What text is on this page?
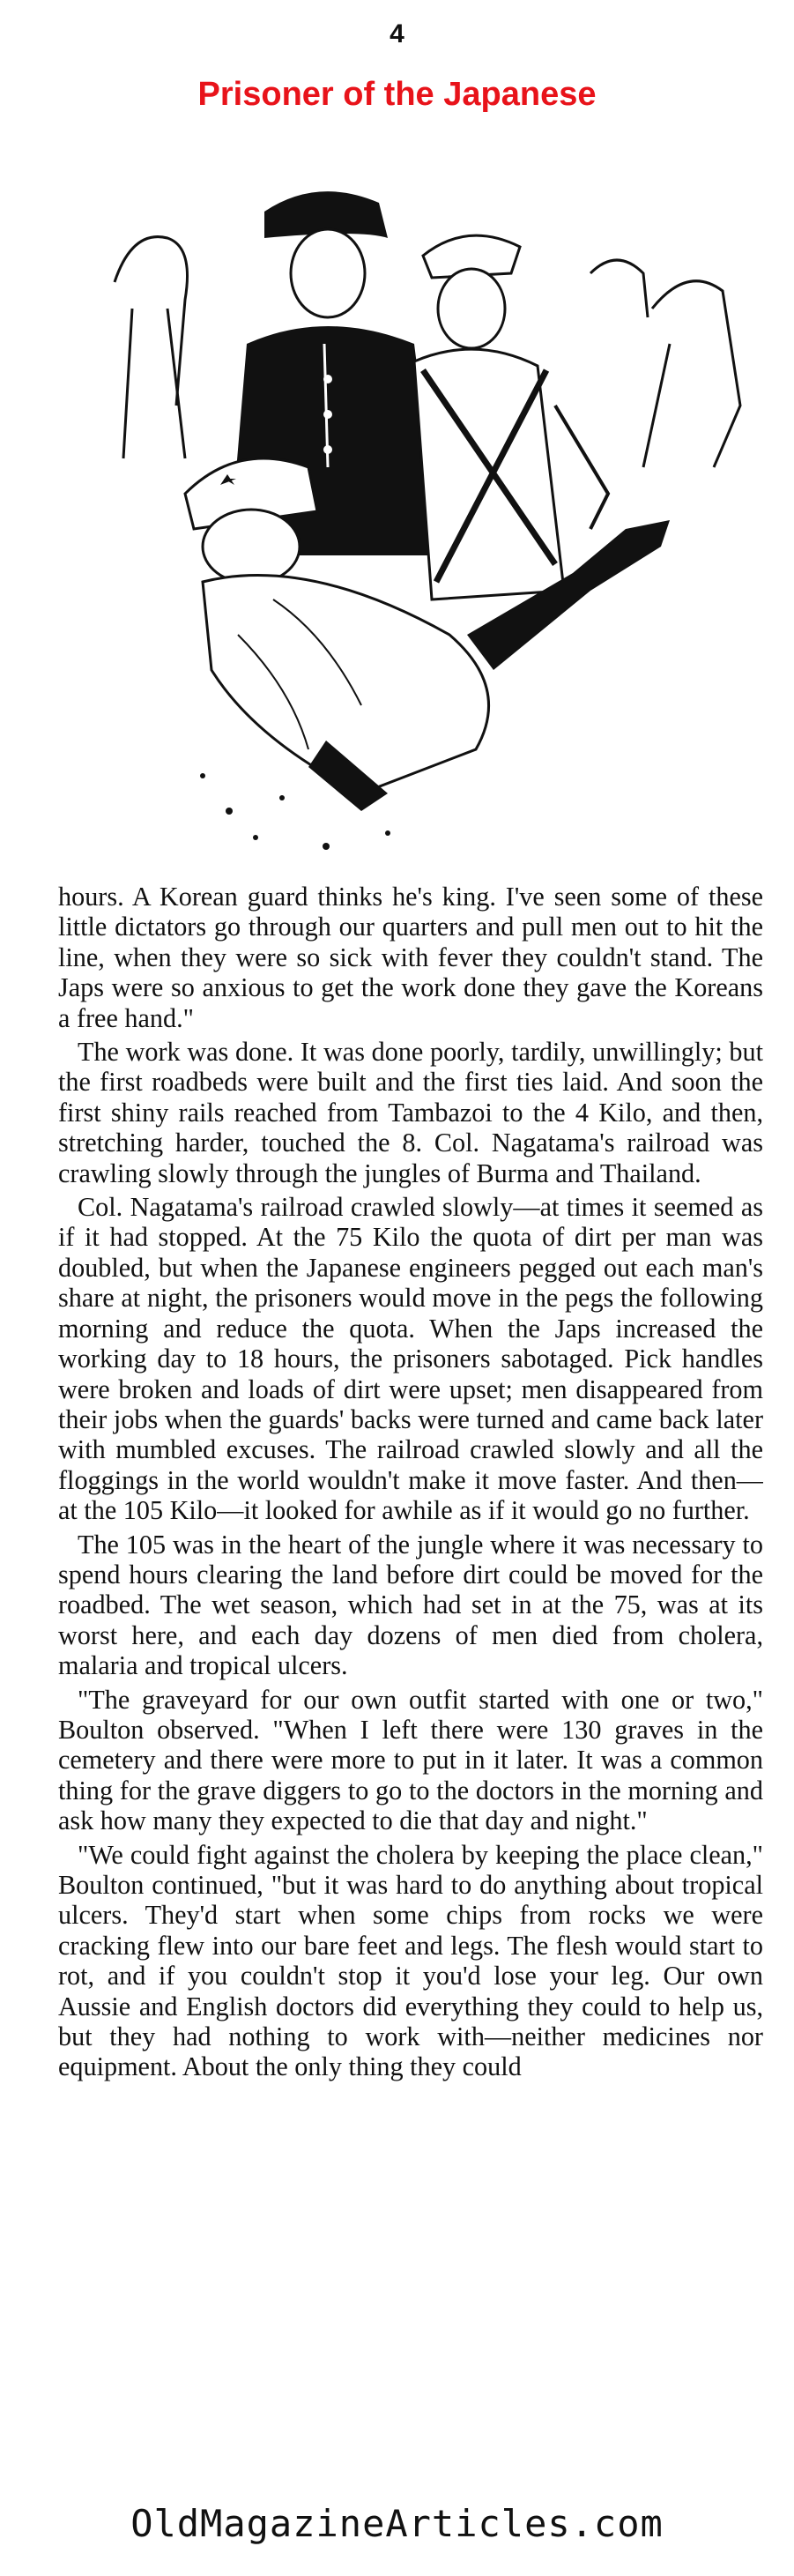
4
Prisoner of the Japanese

hours. A Korean guard thinks he's king. I've seen some of these little dictators go through our quarters and pull men out to hit the line, when they were so sick with fever they couldn't stand. The Japs were so anxious to get the work done they gave the Koreans a free hand."

The work was done. It was done poorly, tardily, unwillingly; but the first roadbeds were built and the first ties laid. And soon the first shiny rails reached from Tambazoi to the 4 Kilo, and then, stretching harder, touched the 8. Col. Nagatama's railroad was crawling slowly through the jungles of Burma and Thailand.

Col. Nagatama's railroad crawled slowly—at times it seemed as if it had stopped. At the 75 Kilo the quota of dirt per man was doubled, but when the Japanese engineers pegged out each man's share at night, the prisoners would move in the pegs the following morning and reduce the quota. When the Japs increased the working day to 18 hours, the prisoners sabotaged. Pick handles were broken and loads of dirt were upset; men disappeared from their jobs when the guards' backs were turned and came back later with mumbled excuses. The railroad crawled slowly and all the floggings in the world wouldn't make it move faster. And then—at the 105 Kilo—it looked for awhile as if it would go no further.

The 105 was in the heart of the jungle where it was necessary to spend hours clearing the land before dirt could be moved for the roadbed. The wet season, which had set in at the 75, was at its worst here, and each day dozens of men died from cholera, malaria and tropical ulcers.

"The graveyard for our own outfit started with one or two," Boulton observed. "When I left there were 130 graves in the cemetery and there were more to put in it later. It was a common thing for the grave diggers to go to the doctors in the morning and ask how many they expected to die that day and night."

"We could fight against the cholera by keeping the place clean," Boulton continued, "but it was hard to do anything about tropical ulcers. They'd start when some chips from rocks we were cracking flew into our bare feet and legs. The flesh would start to rot, and if you couldn't stop it you'd lose your leg. Our own Aussie and English doctors did everything they could to help us, but they had nothing to work with—neither medicines nor equipment. About the only thing they could

OldMagazineArticles.com
